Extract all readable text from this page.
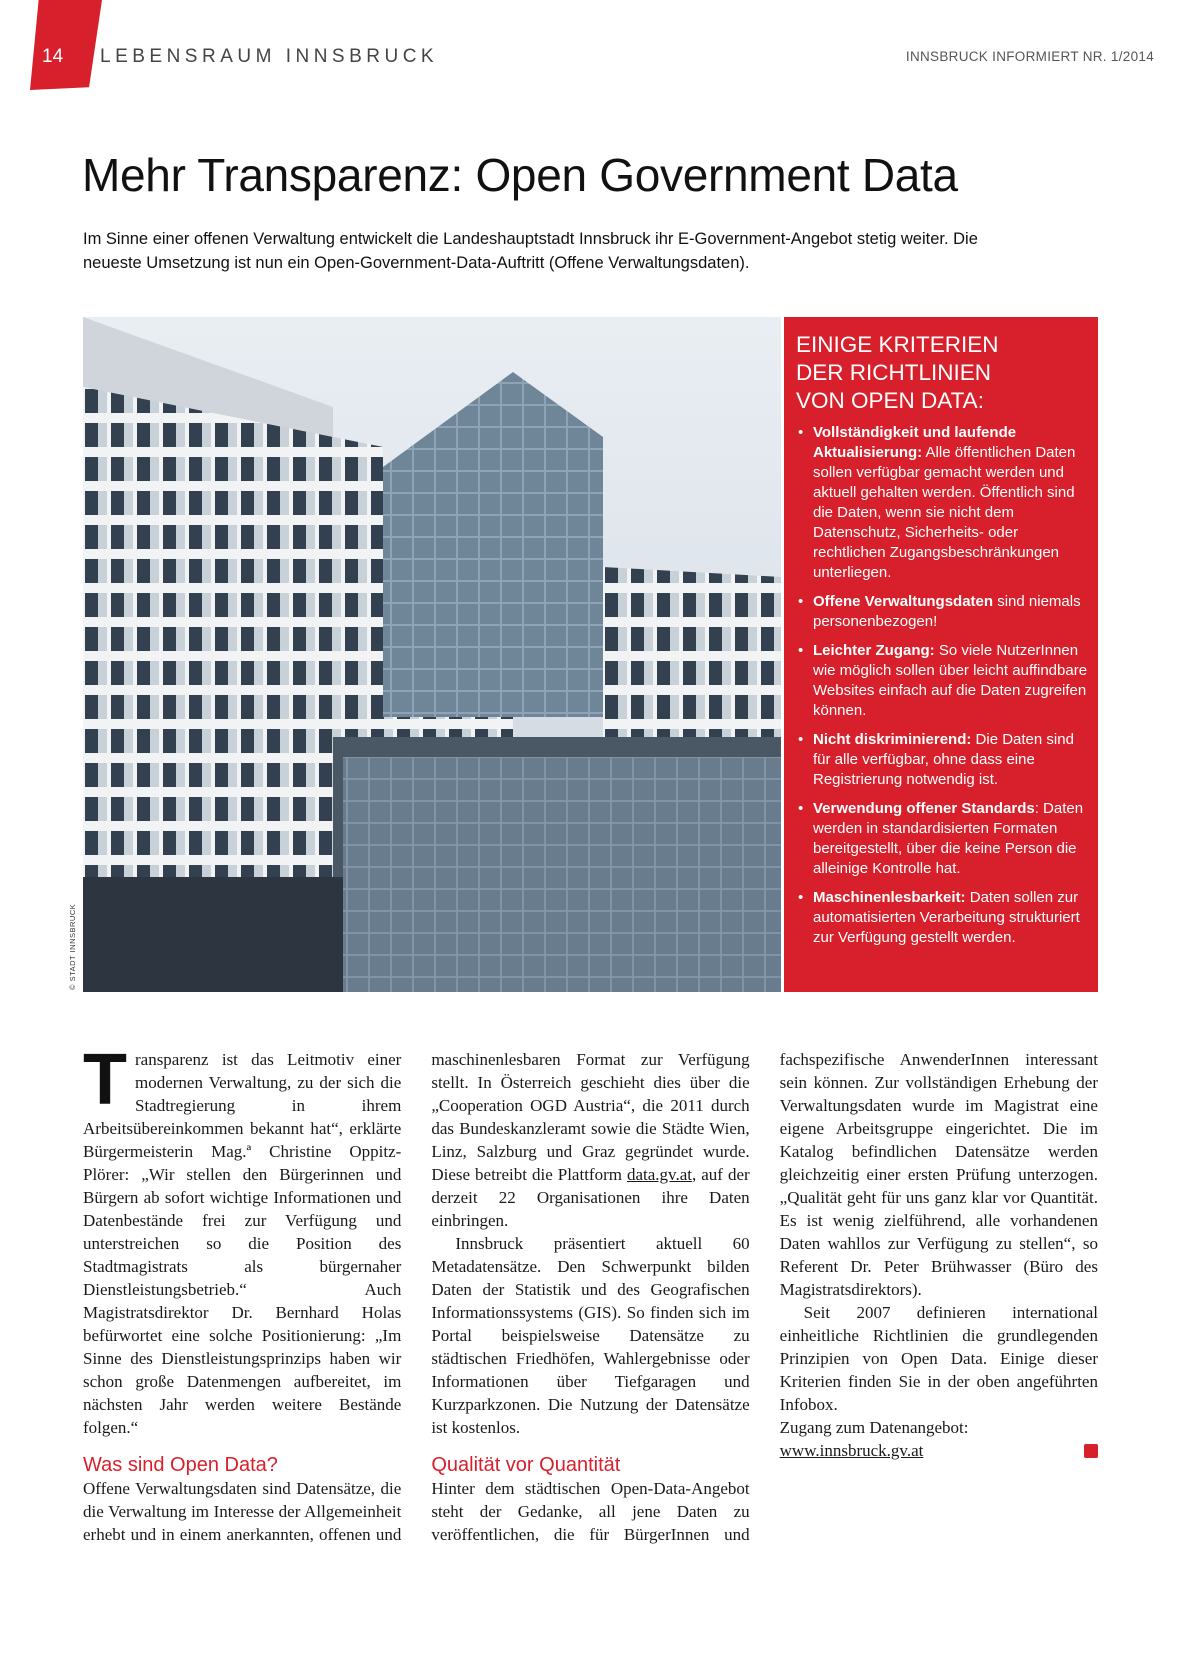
14 LEBENSRAUM INNSBRUCK	INNSBRUCK INFORMIERT NR. 1/2014
Mehr Transparenz: Open Government Data

Im Sinne einer offenen Verwaltung entwickelt die Landeshauptstadt Innsbruck ihr E-Government-Angebot stetig weiter. Die neueste Umsetzung ist nun ein Open-Government-Data-Auftritt (Offene Verwaltungsdaten).

© STADT INNSBRUCK
EINIGE KRITERIEN
DER RICHTLINIEN
VON OPEN DATA:
• Vollständigkeit und laufende Aktualisierung: Alle öffentlichen Daten sollen verfügbar gemacht werden und aktuell gehalten werden. Öffentlich sind die Daten, wenn sie nicht dem Datenschutz, Sicherheits- oder rechtlichen Zugangsbeschränkungen unterliegen.
• Offene Verwaltungsdaten sind niemals personenbezogen!
• Leichter Zugang: So viele NutzerInnen wie möglich sollen über leicht auffindbare Websites einfach auf die Daten zugreifen können.
• Nicht diskriminierend: Die Daten sind für alle verfügbar, ohne dass eine Registrierung notwendig ist.
• Verwendung offener Standards: Daten werden in standardisierten Formaten bereitgestellt, über die keine Person die alleinige Kontrolle hat.
• Maschinenlesbarkeit: Daten sollen zur automatisierten Verarbeitung strukturiert zur Verfügung gestellt werden.

Transparenz ist das Leitmotiv einer modernen Verwaltung, zu der sich die Stadtregierung in ihrem Arbeitsübereinkommen bekannt hat“, erklärte Bürgermeisterin Mag.ª Christine Oppitz-Plörer: „Wir stellen den Bürgerinnen und Bürgern ab sofort wichtige Informationen und Datenbestände frei zur Verfügung und unterstreichen so die Position des Stadtmagistrats als bürgernaher Dienstleistungsbetrieb.“ Auch Magistratsdirektor Dr. Bernhard Holas befürwortet eine solche Positionierung: „Im Sinne des Dienstleistungsprinzips haben wir schon große Datenmengen aufbereitet, im nächsten Jahr werden weitere Bestände folgen.“

Was sind Open Data?

Offene Verwaltungsdaten sind Datensätze, die die Verwaltung im Interesse der Allgemeinheit erhebt und in einem anerkannten, offenen und maschinenlesbaren Format zur Verfügung stellt. In Österreich geschieht dies über die „Cooperation OGD Austria“, die 2011 durch das Bundeskanzleramt sowie die Städte Wien, Linz, Salzburg und Graz gegründet wurde. Diese betreibt die Plattform data.gv.at, auf der derzeit 22 Organisationen ihre Daten einbringen.

Innsbruck präsentiert aktuell 60 Metadatensätze. Den Schwerpunkt bilden Daten der Statistik und des Geografischen Informationssystems (GIS). So finden sich im Portal beispielsweise Datensätze zu städtischen Friedhöfen, Wahlergebnisse oder Informationen über Tiefgaragen und Kurzparkzonen. Die Nutzung der Datensätze ist kostenlos.

Qualität vor Quantität

Hinter dem städtischen Open-Data-Angebot steht der Gedanke, all jene Daten zu veröffentlichen, die für BürgerInnen und fachspezifische AnwenderInnen interessant sein können. Zur vollständigen Erhebung der Verwaltungsdaten wurde im Magistrat eine eigene Arbeitsgruppe eingerichtet. Die im Katalog befindlichen Datensätze werden gleichzeitig einer ersten Prüfung unterzogen. „Qualität geht für uns ganz klar vor Quantität. Es ist wenig zielführend, alle vorhandenen Daten wahllos zur Verfügung zu stellen“, so Referent Dr. Peter Brühwasser (Büro des Magistratsdirektors).

Seit 2007 definieren international einheitliche Richtlinien die grundlegenden Prinzipien von Open Data. Einige dieser Kriterien finden Sie in der oben angeführten Infobox.

Zugang zum Datenangebot:

www.innsbruck.gv.at
